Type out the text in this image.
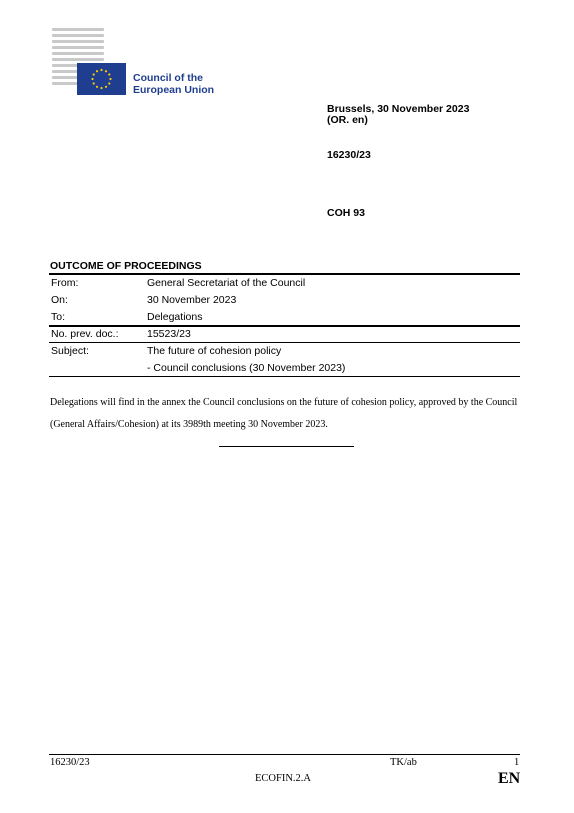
Council of the
European Union
Brussels, 30 November 2023
(OR. en)
16230/23
COH 93
OUTCOME OF PROCEEDINGS
From:	General Secretariat of the Council
On:	30 November 2023
To:	Delegations
No. prev. doc.:	15523/23
Subject:	The future of cohesion policy
- Council conclusions (30 November 2023)
Delegations will find in the annex the Council conclusions on the future of cohesion policy, approved by the Council (General Affairs/Cohesion) at its 3989th meeting 30 November 2023.
16230/23	TK/ab	1
ECOFIN.2.A	EN
